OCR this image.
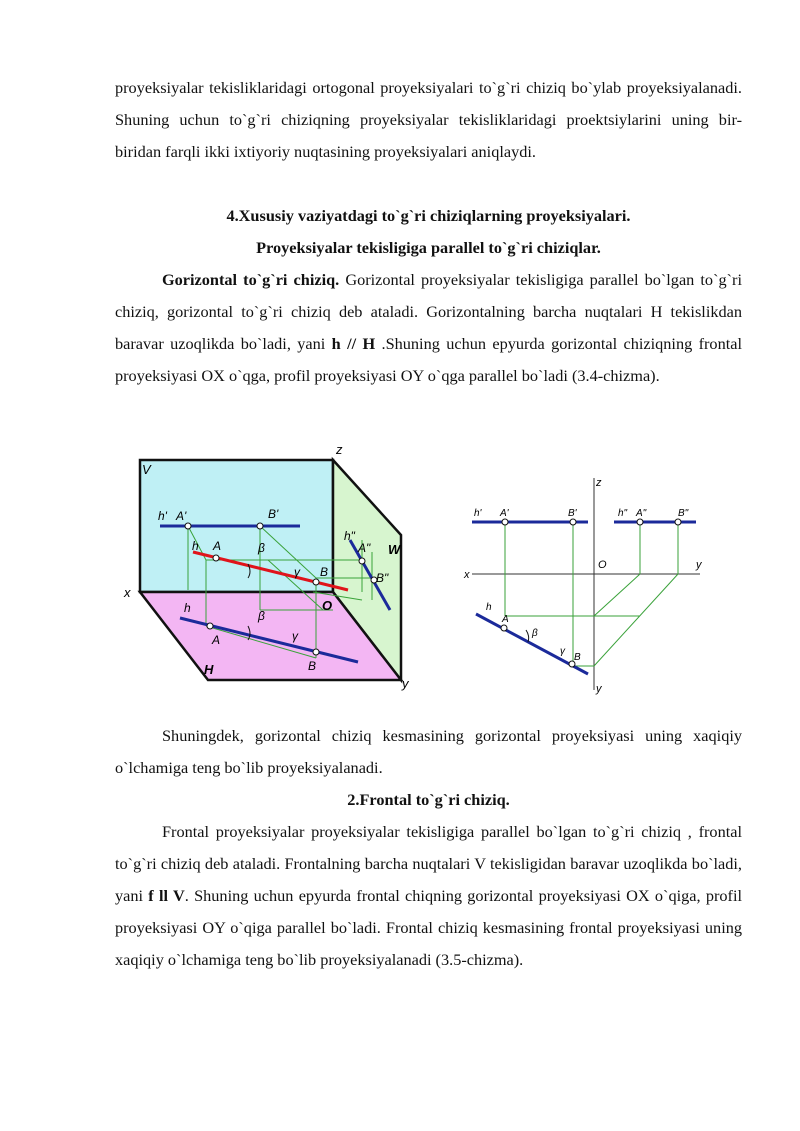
proyeksiyalar tekisliklaridagi ortogonal proyeksiyalari to`g`ri chiziq bo`ylab proyeksiyalanadi. Shuning uchun to`g`ri chiziqning proyeksiyalar tekisliklaridagi proektsiylarini uning bir- biridan farqli ikki ixtiyoriy nuqtasining proyeksiyalari aniqlaydi.

4.Xususiy vaziyatdagi to`g`ri chiziqlarning proyeksiyalari.

Proyeksiyalar tekisligiga parallel to`g`ri chiziqlar.

Gorizontal to`g`ri chiziq. Gorizontal proyeksiyalar tekisligiga parallel bo`lgan to`g`ri chiziq, gorizontal to`g`ri chiziq deb ataladi. Gorizontalning barcha nuqtalari H tekislikdan baravar uzoqlikda bo`ladi, yani h // H .Shuning uchun epyurda gorizontal chiziqning frontal proyeksiyasi OX o`qga, profil proyeksiyasi OY o`qga parallel bo`ladi (3.4-chizma).

V
z
W
x
y
H
O
h' A'	B'
h A	β
γ B
h"
A"
B"
h
A
β
γ
B
z
x
y
y
O
h' A'	B'	h" A"	B"
h
A
β
γ
B

Shuningdek, gorizontal chiziq kesmasining gorizontal proyeksiyasi uning xaqiqiy o`lchamiga teng bo`lib proyeksiyalanadi.

2.Frontal to`g`ri chiziq.

Frontal proyeksiyalar proyeksiyalar tekisligiga parallel bo`lgan to`g`ri chiziq , frontal to`g`ri chiziq deb ataladi. Frontalning barcha nuqtalari V tekisligidan baravar uzoqlikda bo`ladi, yani f ll V. Shuning uchun epyurda frontal chiqning gorizontal proyeksiyasi OX o`qiga, profil proyeksiyasi OY o`qiga parallel bo`ladi. Frontal chiziq kesmasining frontal proyeksiyasi uning xaqiqiy o`lchamiga teng bo`lib proyeksiyalanadi (3.5-chizma).
